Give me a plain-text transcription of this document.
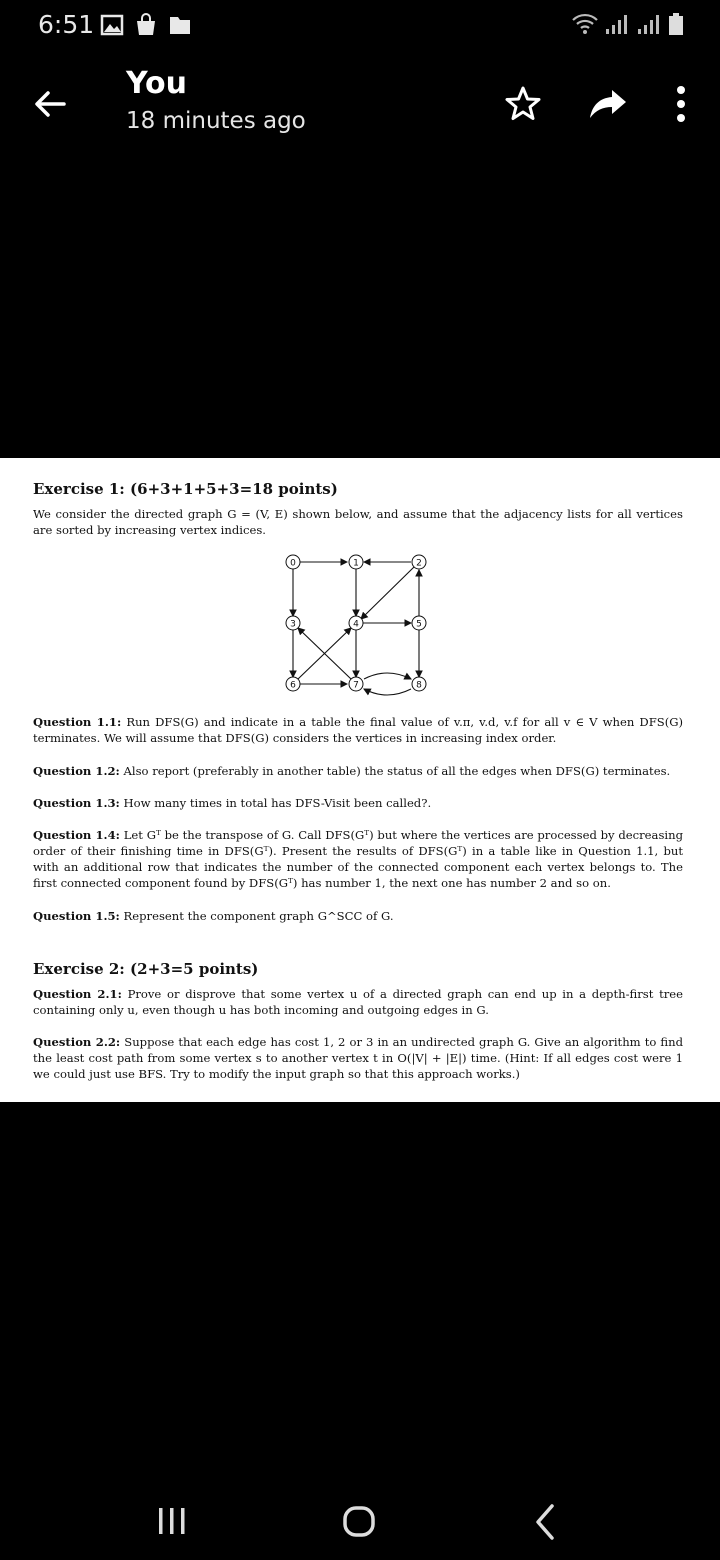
6:51
You
18 minutes ago
Exercise 1: (6+3+1+5+3=18 points)
We consider the directed graph G = (V, E) shown below, and assume that the adjacency lists for all vertices are sorted by increasing vertex indices.
0	1	2
3	4	5
6	7	8
Question 1.1: Run DFS(G) and indicate in a table the final value of v.π, v.d, v.f for all v ∈ V when DFS(G) terminates. We will assume that DFS(G) considers the vertices in increasing index order.
Question 1.2: Also report (preferably in another table) the status of all the edges when DFS(G) terminates.
Question 1.3: How many times in total has DFS-Visit been called?.
Question 1.4: Let Gᵀ be the transpose of G. Call DFS(Gᵀ) but where the vertices are processed by decreasing order of their finishing time in DFS(Gᵀ). Present the results of DFS(Gᵀ) in a table like in Question 1.1, but with an additional row that indicates the number of the connected component each vertex belongs to. The first connected component found by DFS(Gᵀ) has number 1, the next one has number 2 and so on.
Question 1.5: Represent the component graph G^SCC of G.
Exercise 2: (2+3=5 points)
Question 2.1: Prove or disprove that some vertex u of a directed graph can end up in a depth-first tree containing only u, even though u has both incoming and outgoing edges in G.
Question 2.2: Suppose that each edge has cost 1, 2 or 3 in an undirected graph G. Give an algorithm to find the least cost path from some vertex s to another vertex t in O(|V| + |E|) time. (Hint: If all edges cost were 1 we could just use BFS. Try to modify the input graph so that this approach works.)
